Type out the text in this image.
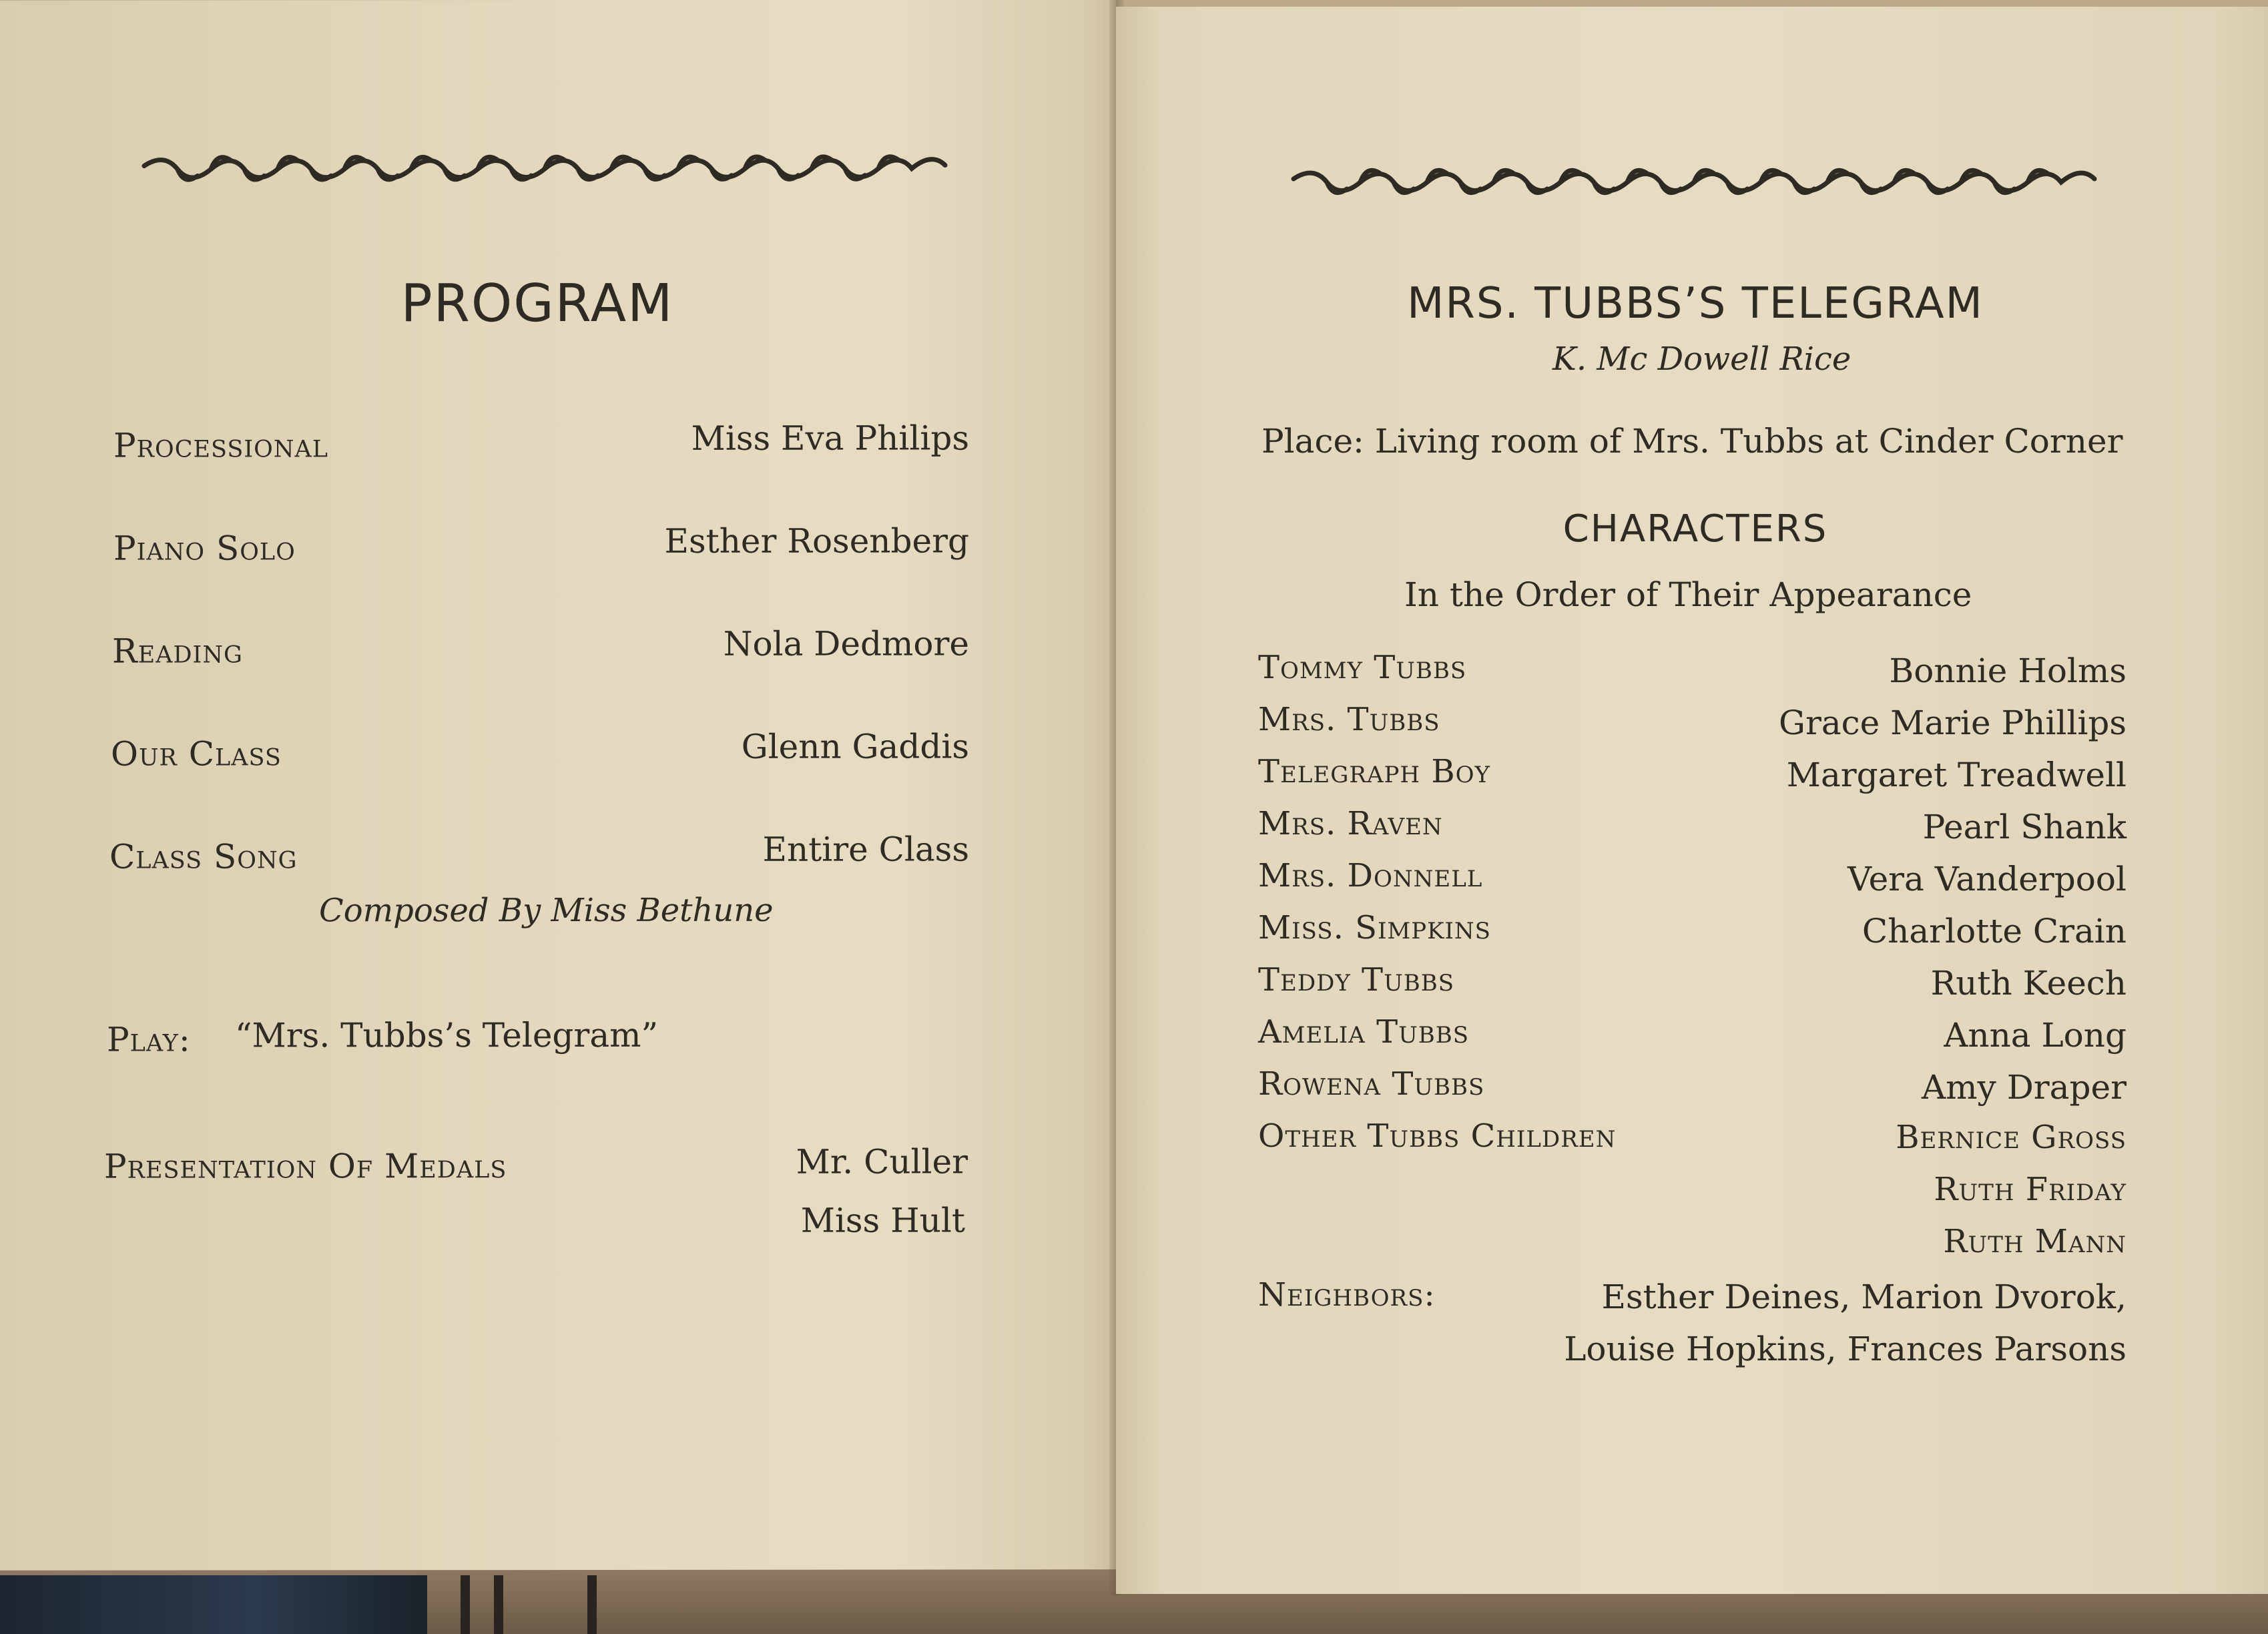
PROGRAM
Processional	Miss Eva Philips
Piano Solo	Esther Rosenberg
Reading	Nola Dedmore
Our Class	Glenn Gaddis
Class Song	Entire Class
Composed By Miss Bethune
Play: “Mrs. Tubbs’s Telegram”
Presentation Of Medals	Mr. Culler
Miss Hult
MRS. TUBBS’S TELEGRAM
K. Mc Dowell Rice
Place: Living room of Mrs. Tubbs at Cinder Corner
CHARACTERS
In the Order of Their Appearance
Tommy Tubbs	Bonnie Holms
Mrs. Tubbs	Grace Marie Phillips
Telegraph Boy	Margaret Treadwell
Mrs. Raven	Pearl Shank
Mrs. Donnell	Vera Vanderpool
Miss. Simpkins	Charlotte Crain
Teddy Tubbs	Ruth Keech
Amelia Tubbs	Anna Long
Rowena Tubbs	Amy Draper
Other Tubbs Children	Bernice Gross
Ruth Friday
Ruth Mann
Neighbors:	Esther Deines, Marion Dvorok,
Louise Hopkins, Frances Parsons
